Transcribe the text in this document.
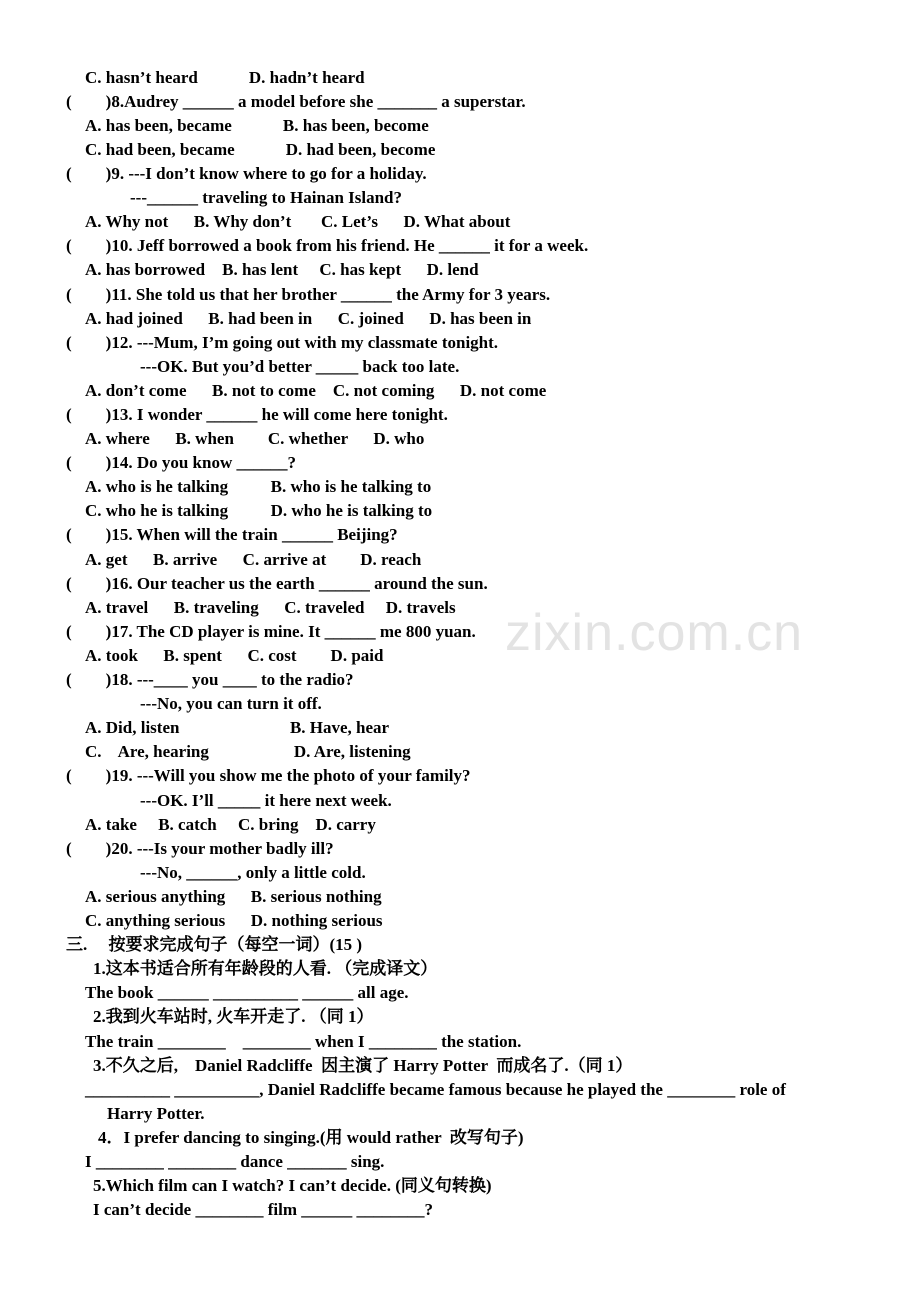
C. hasn’t heard            D. hadn’t heard
(        )8.Audrey ______ a model before she _______ a superstar.
A. has been, became            B. has been, become
C. had been, became            D. had been, become
(        )9. ---I don’t know where to go for a holiday.
---______ traveling to Hainan Island?
A. Why not      B. Why don’t       C. Let’s      D. What about
(        )10. Jeff borrowed a book from his friend. He ______ it for a week.
A. has borrowed    B. has lent     C. has kept      D. lend
(        )11. She told us that her brother ______ the Army for 3 years.
A. had joined      B. had been in      C. joined      D. has been in
(        )12. ---Mum, I’m going out with my classmate tonight.
---OK. But you’d better _____ back too late.
A. don’t come      B. not to come    C. not coming      D. not come
(        )13. I wonder ______ he will come here tonight.
A. where      B. when        C. whether      D. who
(        )14. Do you know ______?
A. who is he talking          B. who is he talking to
C. who he is talking          D. who he is talking to
(        )15. When will the train ______ Beijing?
A. get      B. arrive      C. arrive at        D. reach
(        )16. Our teacher us the earth ______ around the sun.
A. travel      B. traveling      C. traveled     D. travels
(        )17. The CD player is mine. It ______ me 800 yuan.
A. took      B. spent      C. cost        D. paid
(        )18. ---____ you ____ to the radio?
---No, you can turn it off.
A. Did, listen                          B. Have, hear
C.    Are, hearing                    D. Are, listening
(        )19. ---Will you show me the photo of your family?
---OK. I’ll _____ it here next week.
A. take     B. catch     C. bring    D. carry
(        )20. ---Is your mother badly ill?
---No, ______, only a little cold.
A. serious anything      B. serious nothing
C. anything serious      D. nothing serious
三.     按要求完成句子（每空一词）(15 )
1.这本书适合所有年龄段的人看. （完成译文）
The book ______ __________ ______ all age.
2.我到火车站时, 火车开走了. （同 1）
The train ________    ________ when I ________ the station.
3.不久之后,    Daniel Radcliffe  因主演了 Harry Potter  而成名了.（同 1）
__________ __________, Daniel Radcliffe became famous because he played the ________ role of
Harry Potter.
4．I prefer dancing to singing.(用 would rather  改写句子)
I ________ ________ dance _______ sing.
5.Which film can I watch? I can’t decide. (同义句转换)
I can’t decide ________ film ______ ________?
zixin.com.cn
